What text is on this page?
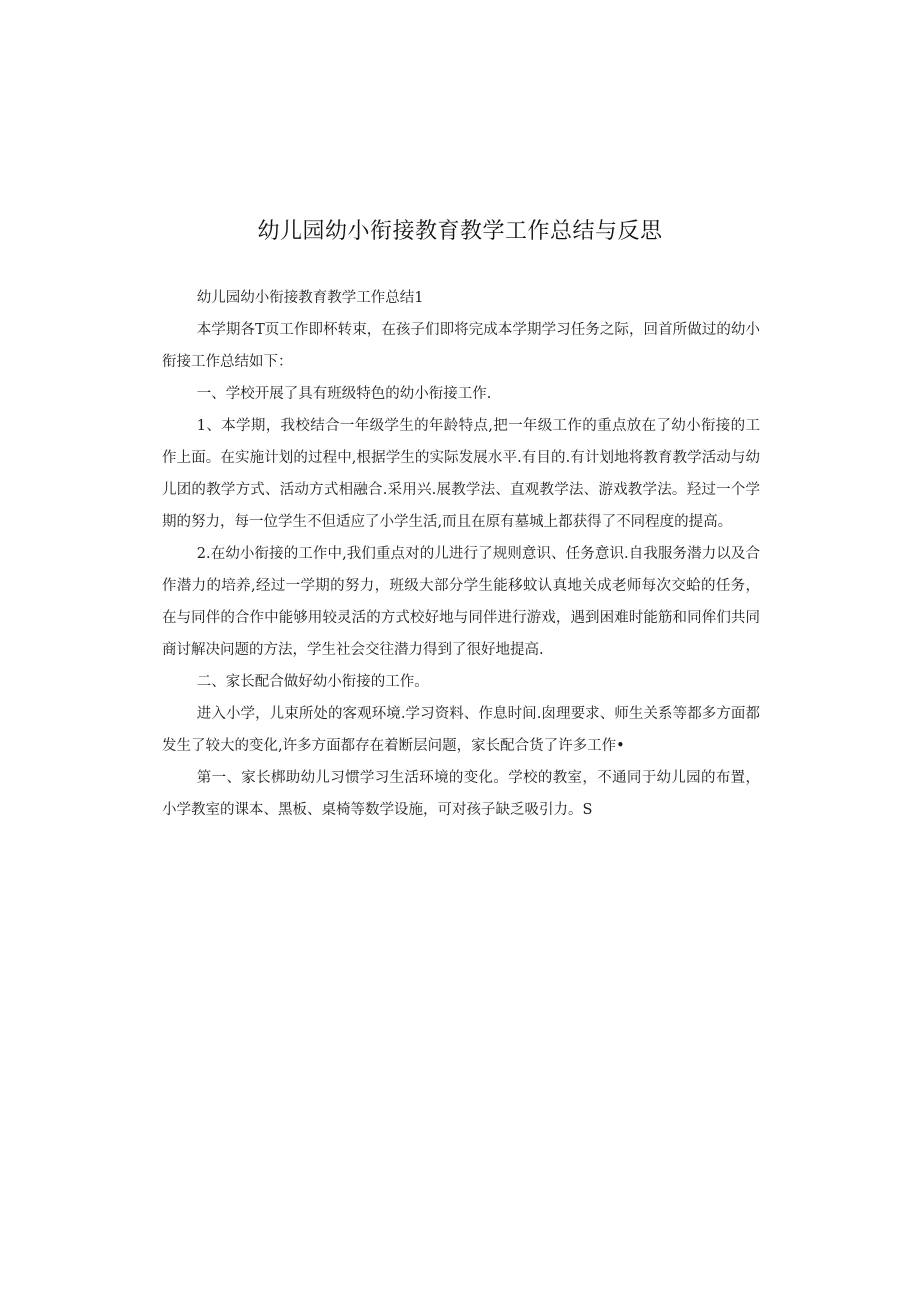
幼儿园幼小衔接教育教学工作总结与反思

幼儿园幼小衔接教育教学工作总结1

本学期各T页工作即杯转束，在孩子们即将完成本学期学习任务之际，回首所做过的幼小衔接工作总结如下：

一、学校开展了具有班级特色的幼小衔接工作.

1、本学期，我校结合一年级学生的年龄特点,把一年级工作的重点放在了幼小衔接的工作上面。在实施计划的过程中,根据学生的实际发展水平.有目的.有计划地将教育教学活动与幼儿团的教学方式、活动方式相融合.采用兴.展教学法、直观教学法、游戏教学法。羟过一个学期的努力，每一位学生不但适应了小学生活,而且在原有墓城上都获得了不同程度的提高。

2.在幼小衔接的工作中,我们重点对的儿进行了规则意识、任务意识.自我服务潜力以及合作潜力的培养,经过一学期的努力，班级大部分学生能移蚊认真地关成老师每次交蛤的任务，在与同伴的合作中能够用较灵活的方式校好地与同伴进行游戏，遇到困难时能筋和同侔们共同商讨解决问题的方法，学生社会交往潜力得到了很好地提高.

二、家长配合做好幼小衔接的工作。

进入小学，儿束所处的客观环境.学习资料、作息时间.囱理要求、师生关系等都多方面都发生了较大的变化,许多方面都存在着断层问题，家长配合货了许多工作•

第一、家长梆助幼儿习惯学习生活环境的变化。学校的教室，不通同于幼儿园的布置，小学教室的课本、黑板、桌椅等数学设施，可对孩子缺乏吸引力。S
